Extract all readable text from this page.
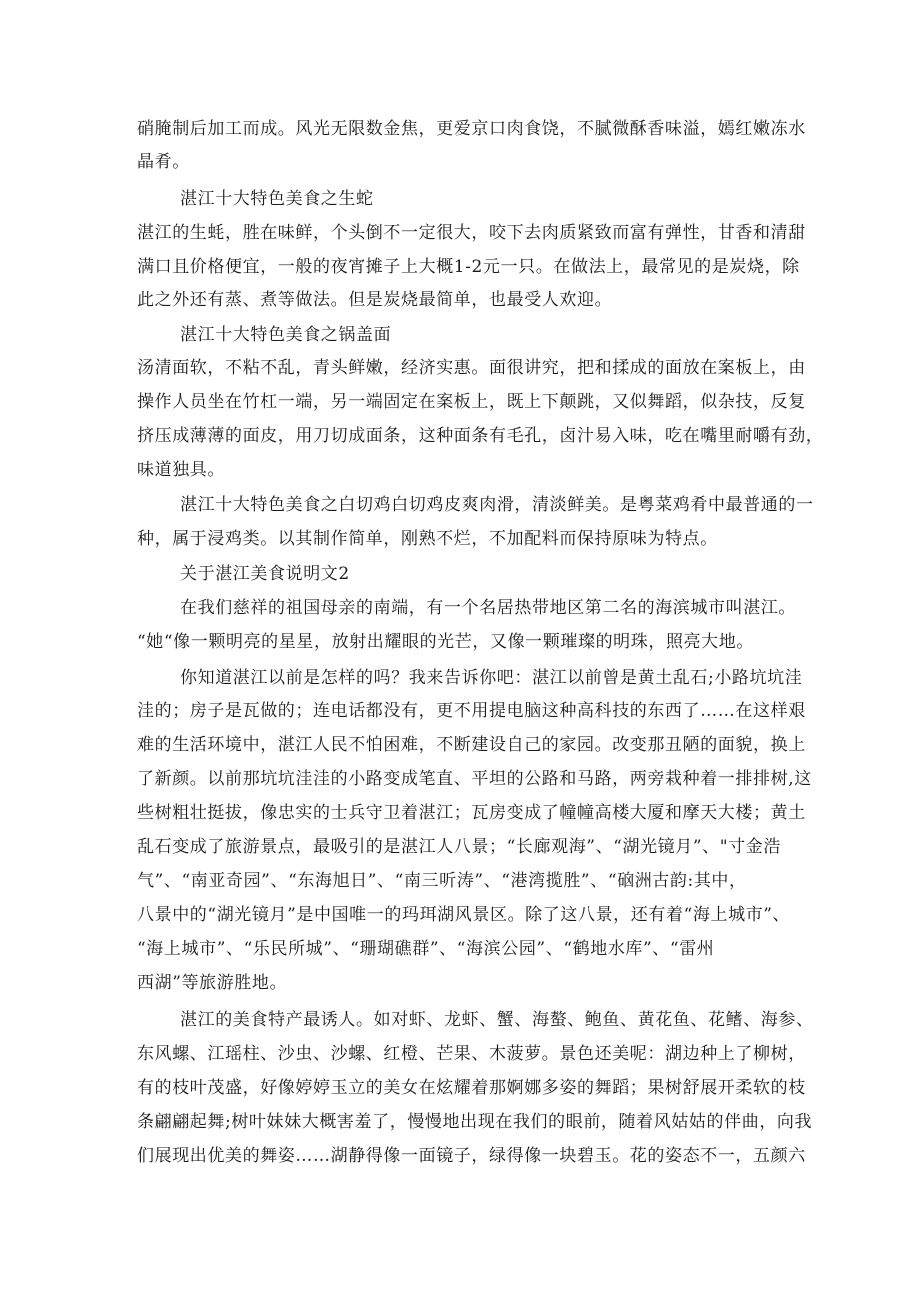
硝腌制后加工而成。风光无限数金焦，更爱京口肉食饶，不腻微酥香味溢，嫣红嫩冻水
晶肴。
湛江十大特色美食之生蛇
湛江的生蚝，胜在味鲜，个头倒不一定很大，咬下去肉质紧致而富有弹性，甘香和清甜
满口且价格便宜，一般的夜宵摊子上大概1-2元一只。在做法上，最常见的是炭烧，除
此之外还有蒸、煮等做法。但是炭烧最简单，也最受人欢迎。
湛江十大特色美食之锅盖面
汤清面软，不粘不乱，青头鲜嫩，经济实惠。面很讲究，把和揉成的面放在案板上，由
操作人员坐在竹杠一端，另一端固定在案板上，既上下颠跳，又似舞蹈，似杂技，反复
挤压成薄薄的面皮，用刀切成面条，这种面条有毛孔，卤汁易入味，吃在嘴里耐嚼有劲，
味道独具。
湛江十大特色美食之白切鸡白切鸡皮爽肉滑，清淡鲜美。是粤菜鸡肴中最普通的一
种，属于浸鸡类。以其制作简单，刚熟不烂，不加配料而保持原味为特点。
关于湛江美食说明文2
在我们慈祥的祖国母亲的南端，有一个名居热带地区第二名的海滨城市叫湛江。
“她“像一颗明亮的星星，放射出耀眼的光芒，又像一颗璀璨的明珠，照亮大地。
你知道湛江以前是怎样的吗？我来告诉你吧：湛江以前曾是黄土乱石;小路坑坑洼
洼的；房子是瓦做的；连电话都没有，更不用提电脑这种高科技的东西了……在这样艰
难的生活环境中，湛江人民不怕困难，不断建设自己的家园。改变那丑陋的面貌，换上
了新颜。以前那坑坑洼洼的小路变成笔直、平坦的公路和马路，两旁栽种着一排排树,这
些树粗壮挺拔，像忠实的士兵守卫着湛江；瓦房变成了幢幢高楼大厦和摩天大楼；黄土
乱石变成了旅游景点，最吸引的是湛江人八景；“长廊观海”、“湖光镜月”、"寸金浩
气”、“南亚奇园”、“东海旭日”、“南三听涛”、“港湾揽胜”、“硇洲古韵:其中，
八景中的“湖光镜月”是中国唯一的玛珥湖风景区。除了这八景，还有着“海上城市”、
“海上城市”、“乐民所城”、“珊瑚礁群”、“海滨公园”、“鹤地水库”、“雷州
西湖”等旅游胜地。
湛江的美食特产最诱人。如对虾、龙虾、蟹、海螯、鲍鱼、黄花鱼、花鳍、海参、
东风螺、江瑶柱、沙虫、沙螺、红橙、芒果、木菠萝。景色还美呢：湖边种上了柳树，
有的枝叶茂盛，好像婷婷玉立的美女在炫耀着那婀娜多姿的舞蹈；果树舒展开柔软的枝
条翩翩起舞;树叶妹妹大概害羞了，慢慢地出现在我们的眼前，随着风姑姑的伴曲，向我
们展现出优美的舞姿……湖静得像一面镜子，绿得像一块碧玉。花的姿态不一，五颜六
